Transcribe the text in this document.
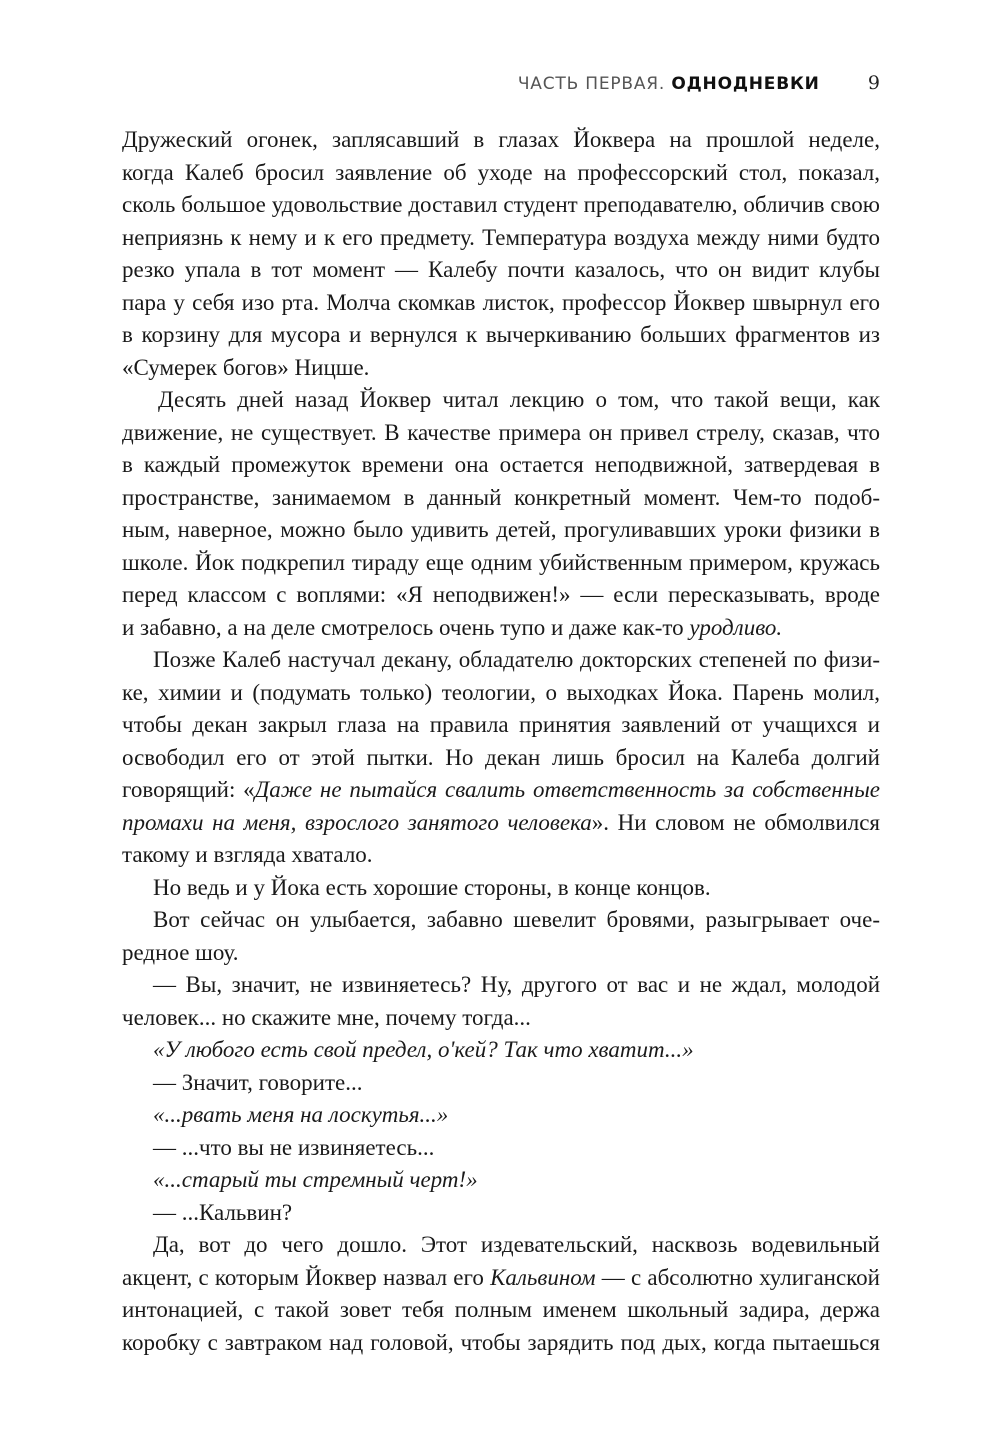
ЧАСТЬ ПЕРВАЯ. ОДНОДНЕВКИ	9
Дружеский огонек, заплясавший в глазах Йоквера на прошлой неделе,
когда Калеб бросил заявление об уходе на профессорский стол, показал,
сколь большое удовольствие доставил студент преподавателю, обличив свою
неприязнь к нему и к его предмету. Температура воздуха между ними будто
резко упала в тот момент — Калебу почти казалось, что он видит клубы
пара у себя изо рта. Молча скомкав листок, профессор Йоквер швырнул его
в корзину для мусора и вернулся к вычеркиванию больших фрагментов из
«Сумерек богов» Ницше.
Десять дней назад Йоквер читал лекцию о том, что такой вещи, как
движение, не существует. В качестве примера он привел стрелу, сказав, что
в каждый промежуток времени она остается неподвижной, затвердевая в
пространстве, занимаемом в данный конкретный момент. Чем-то подоб-
ным, наверное, можно было удивить детей, прогуливавших уроки физики в
школе. Йок подкрепил тираду еще одним убийственным примером, кружась
перед классом с воплями: «Я неподвижен!» — если пересказывать, вроде
и забавно, а на деле смотрелось очень тупо и даже как-то уродливо.
Позже Калеб настучал декану, обладателю докторских степеней по физи-
ке, химии и (подумать только) теологии, о выходках Йока. Парень молил,
чтобы декан закрыл глаза на правила принятия заявлений от учащихся и
освободил его от этой пытки. Но декан лишь бросил на Калеба долгий
говорящий: «Даже не пытайся свалить ответственность за собственные
промахи на меня, взрослого занятого человека». Ни словом не обмолвился
такому и взгляда хватало.
Но ведь и у Йока есть хорошие стороны, в конце концов.
Вот сейчас он улыбается, забавно шевелит бровями, разыгрывает оче-
редное шоу.
— Вы, значит, не извиняетесь? Ну, другого от вас и не ждал, молодой
человек... но скажите мне, почему тогда...
«У любого есть свой предел, о'кей? Так что хватит...»
— Значит, говорите...
«...рвать меня на лоскутья...»
— ...что вы не извиняетесь...
«...старый ты стремный черт!»
— ...Кальвин?
Да, вот до чего дошло. Этот издевательский, насквозь водевильный
акцент, с которым Йоквер назвал его Кальвином — с абсолютно хулиганской
интонацией, с такой зовет тебя полным именем школьный задира, держа
коробку с завтраком над головой, чтобы зарядить под дых, когда пытаешься
